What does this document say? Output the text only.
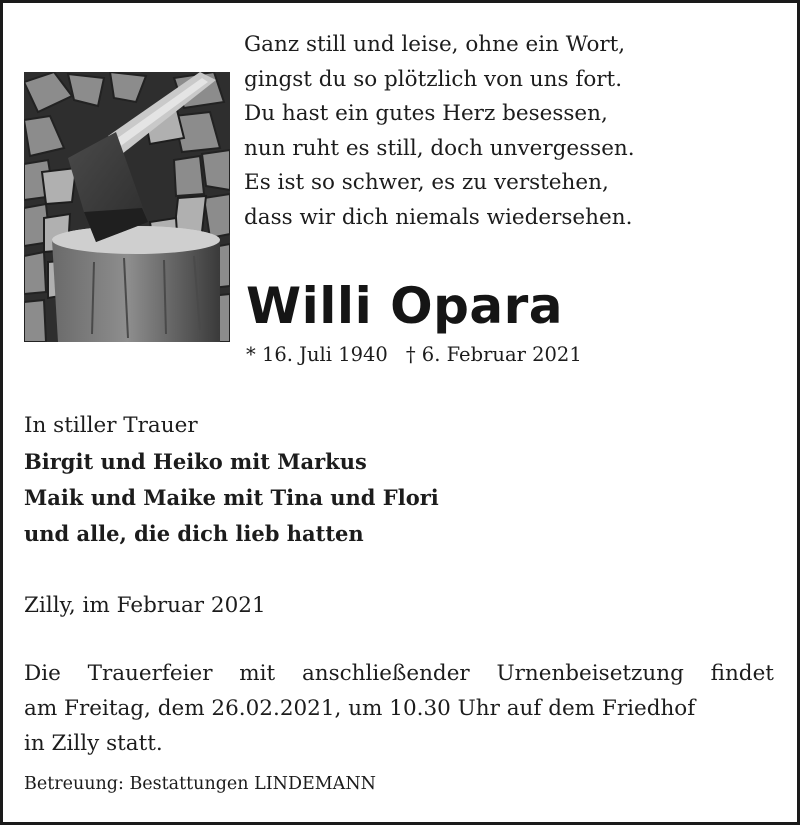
Ganz still und leise, ohne ein Wort,
gingst du so plötzlich von uns fort.
Du hast ein gutes Herz besessen,
nun ruht es still, doch unvergessen.
Es ist so schwer, es zu verstehen,
dass wir dich niemals wiedersehen.
Willi Opara
* 16. Juli 1940 † 6. Februar 2021
In stiller Trauer
Birgit und Heiko mit Markus
Maik und Maike mit Tina und Flori
und alle, die dich lieb hatten
Zilly, im Februar 2021
Die Trauerfeier mit anschließender Urnenbeisetzung findet
am Freitag, dem 26.02.2021, um 10.30 Uhr auf dem Friedhof
in Zilly statt.
Betreuung: Bestattungen LINDEMANN
